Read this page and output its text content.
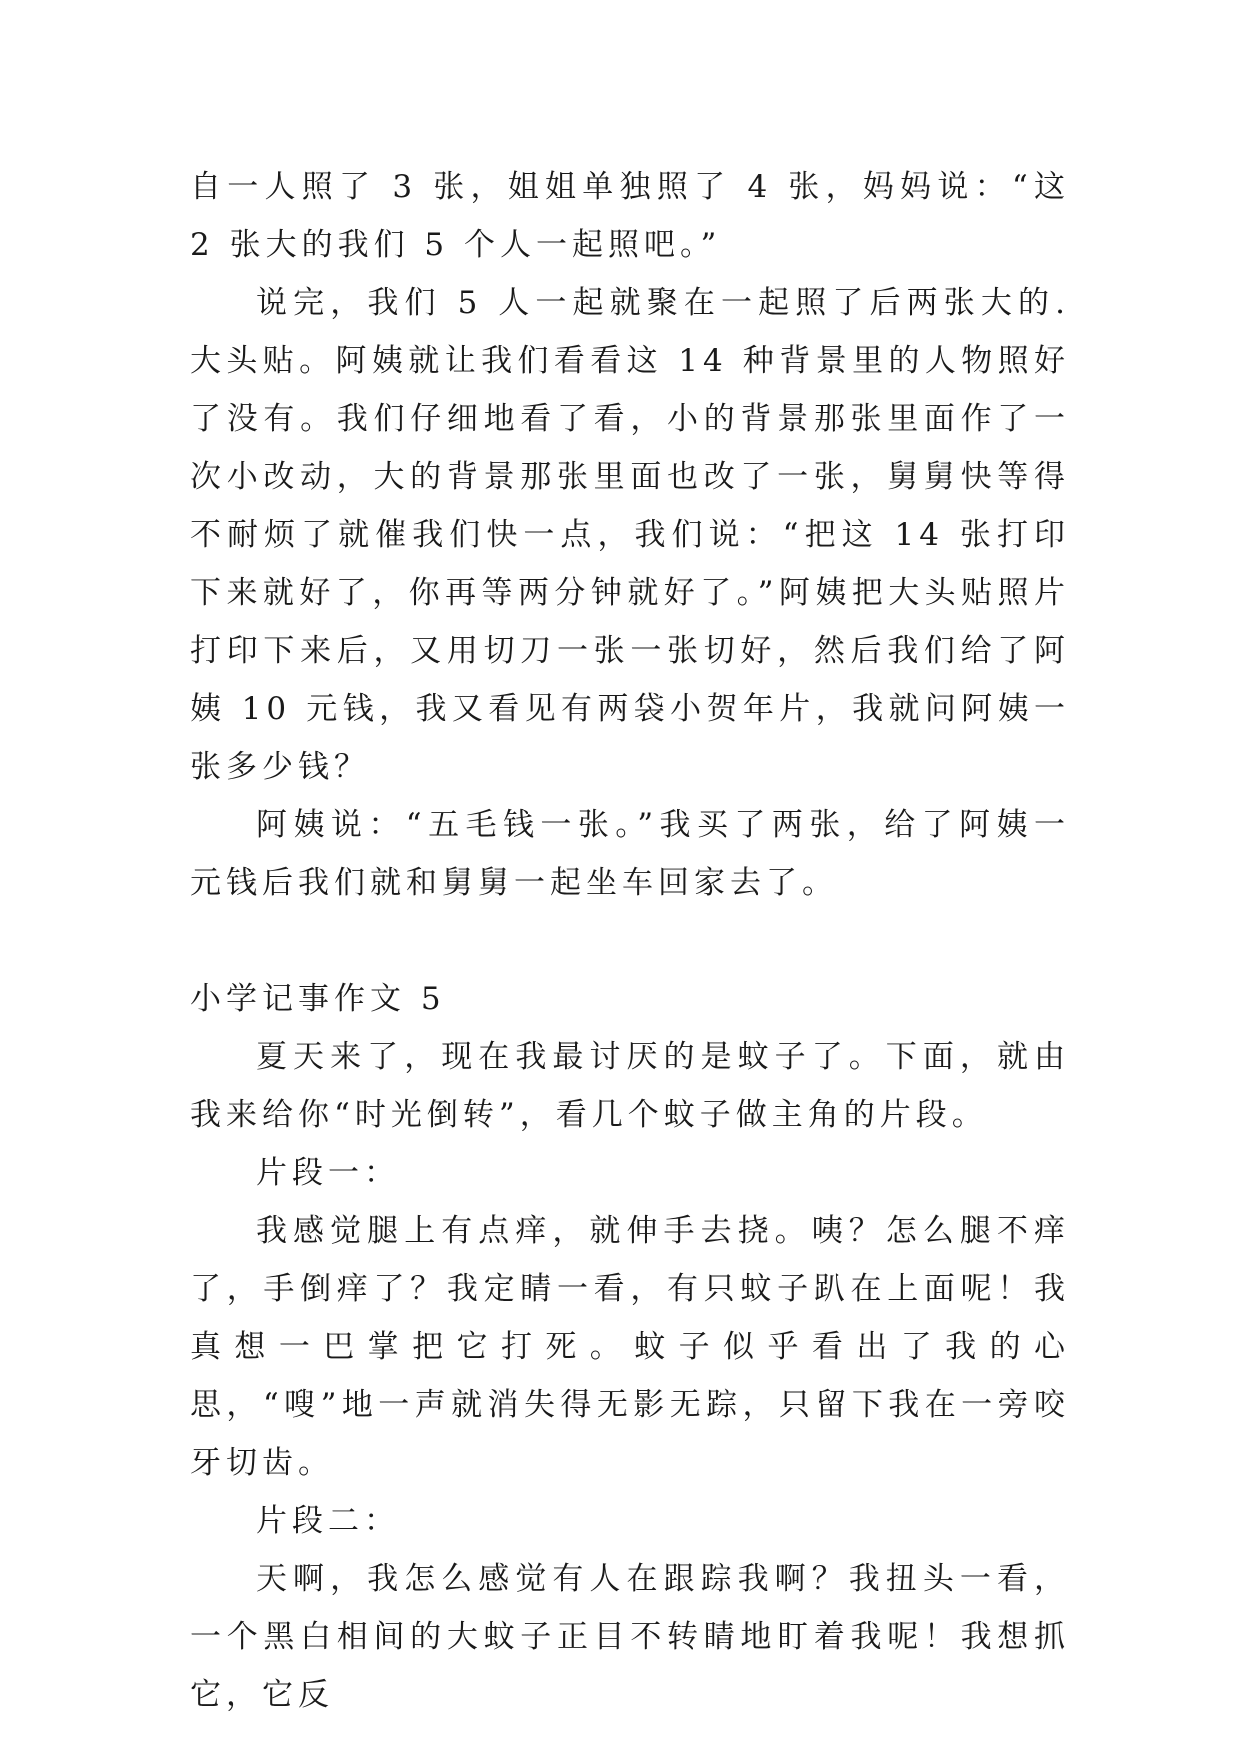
自一人照了 3 张，姐姐单独照了 4 张，妈妈说：“这 2 张大的我们 5 个人一起照吧。”

说完，我们 5 人一起就聚在一起照了后两张大的.大头贴。阿姨就让我们看看这 14 种背景里的人物照好了没有。我们仔细地看了看，小的背景那张里面作了一次小改动，大的背景那张里面也改了一张，舅舅快等得不耐烦了就催我们快一点，我们说：“把这 14 张打印下来就好了，你再等两分钟就好了。”阿姨把大头贴照片打印下来后，又用切刀一张一张切好，然后我们给了阿姨 10 元钱，我又看见有两袋小贺年片，我就问阿姨一张多少钱？

阿姨说：“五毛钱一张。”我买了两张，给了阿姨一元钱后我们就和舅舅一起坐车回家去了。

小学记事作文 5

夏天来了，现在我最讨厌的是蚊子了。下面，就由我来给你“时光倒转”，看几个蚊子做主角的片段。

片段一：

我感觉腿上有点痒，就伸手去挠。咦？怎么腿不痒了，手倒痒了？我定睛一看，有只蚊子趴在上面呢！我真想一巴掌把它打死。蚊子似乎看出了我的心思，“嗖”地一声就消失得无影无踪，只留下我在一旁咬牙切齿。

片段二：

天啊，我怎么感觉有人在跟踪我啊？我扭头一看，一个黑白相间的大蚊子正目不转睛地盯着我呢！我想抓它，它反
